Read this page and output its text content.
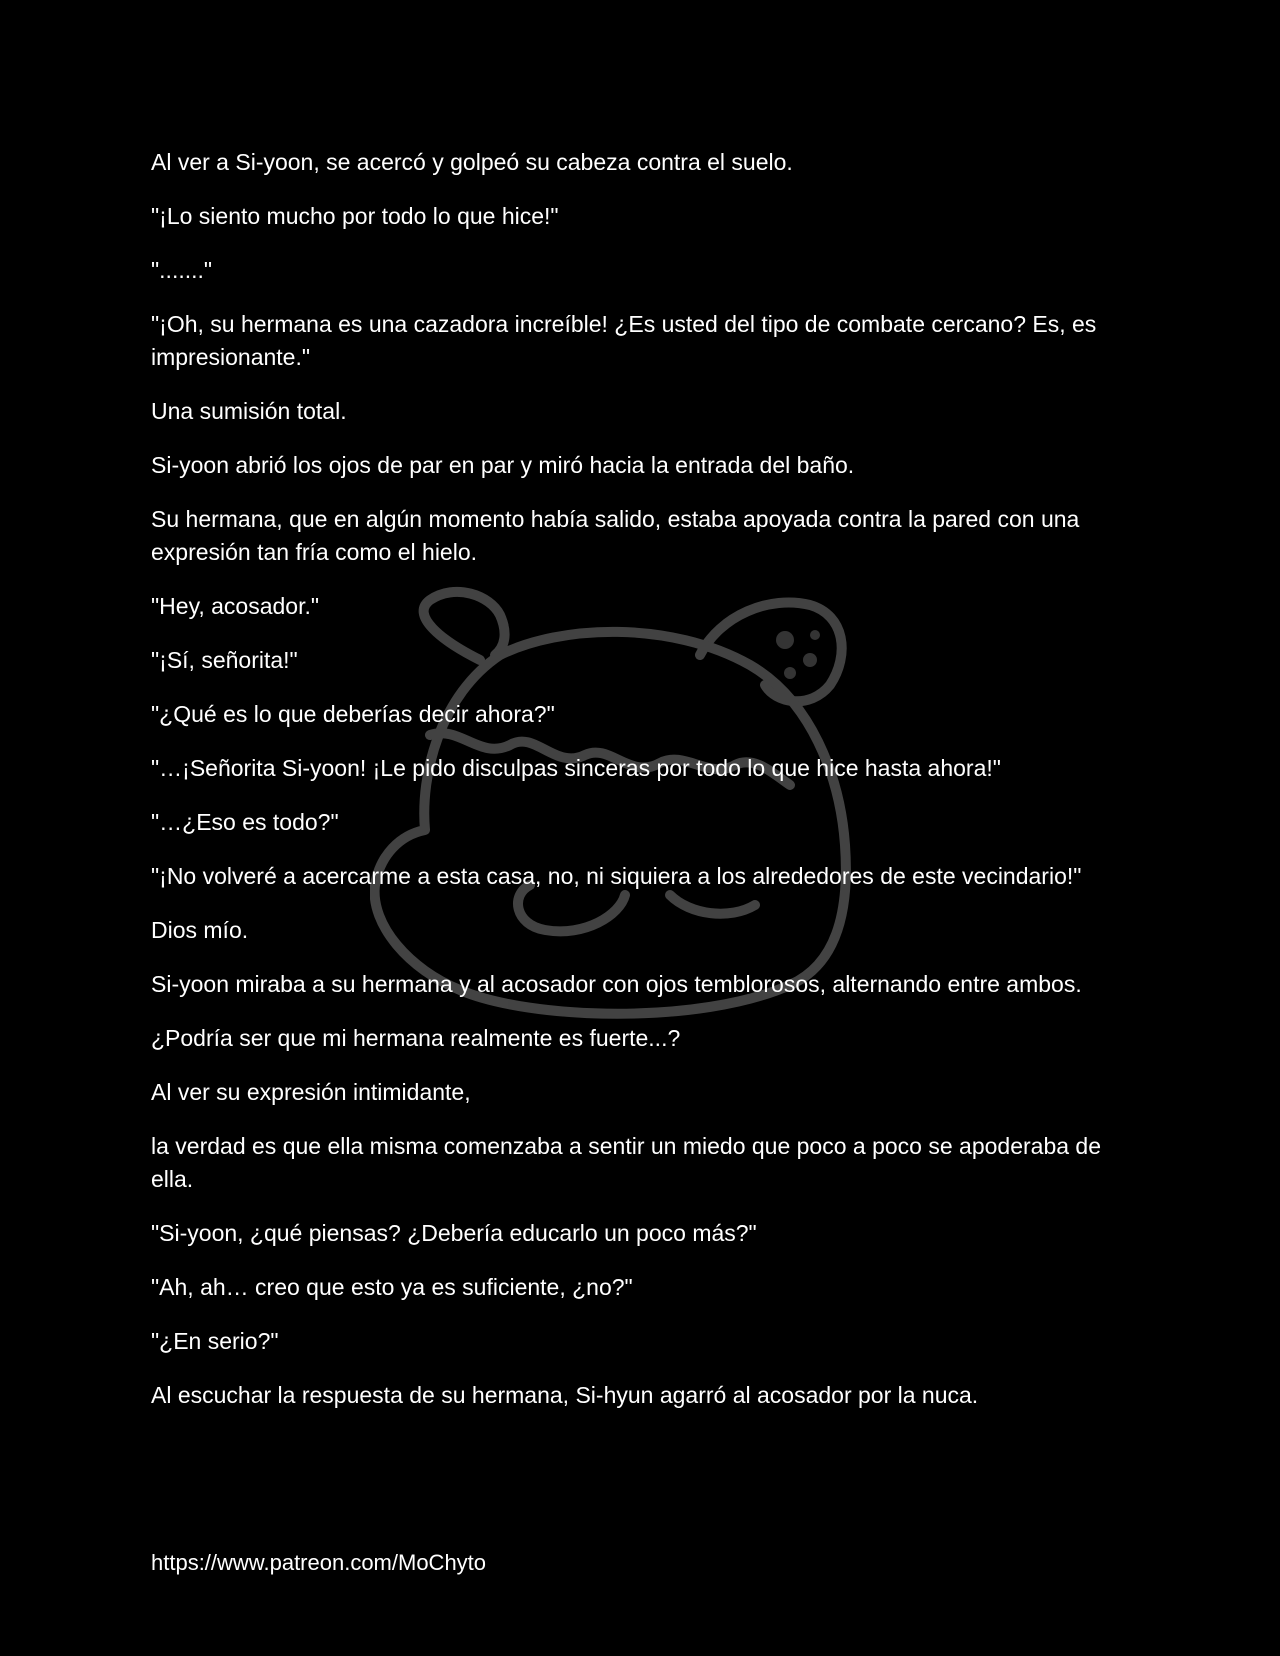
Al ver a Si-yoon, se acercó y golpeó su cabeza contra el suelo.

"¡Lo siento mucho por todo lo que hice!"

"......."

"¡Oh, su hermana es una cazadora increíble! ¿Es usted del tipo de combate cercano? Es, es impresionante."

Una sumisión total.

Si-yoon abrió los ojos de par en par y miró hacia la entrada del baño.

Su hermana, que en algún momento había salido, estaba apoyada contra la pared con una expresión tan fría como el hielo.

"Hey, acosador."

"¡Sí, señorita!"

"¿Qué es lo que deberías decir ahora?"

"…¡Señorita Si-yoon! ¡Le pido disculpas sinceras por todo lo que hice hasta ahora!"

"…¿Eso es todo?"

"¡No volveré a acercarme a esta casa, no, ni siquiera a los alrededores de este vecindario!"

Dios mío.

Si-yoon miraba a su hermana y al acosador con ojos temblorosos, alternando entre ambos.

¿Podría ser que mi hermana realmente es fuerte...?

Al ver su expresión intimidante,

la verdad es que ella misma comenzaba a sentir un miedo que poco a poco se apoderaba de ella.

"Si-yoon, ¿qué piensas? ¿Debería educarlo un poco más?"

"Ah, ah… creo que esto ya es suficiente, ¿no?"

"¿En serio?"

Al escuchar la respuesta de su hermana, Si-hyun agarró al acosador por la nuca.

https://www.patreon.com/MoChyto
